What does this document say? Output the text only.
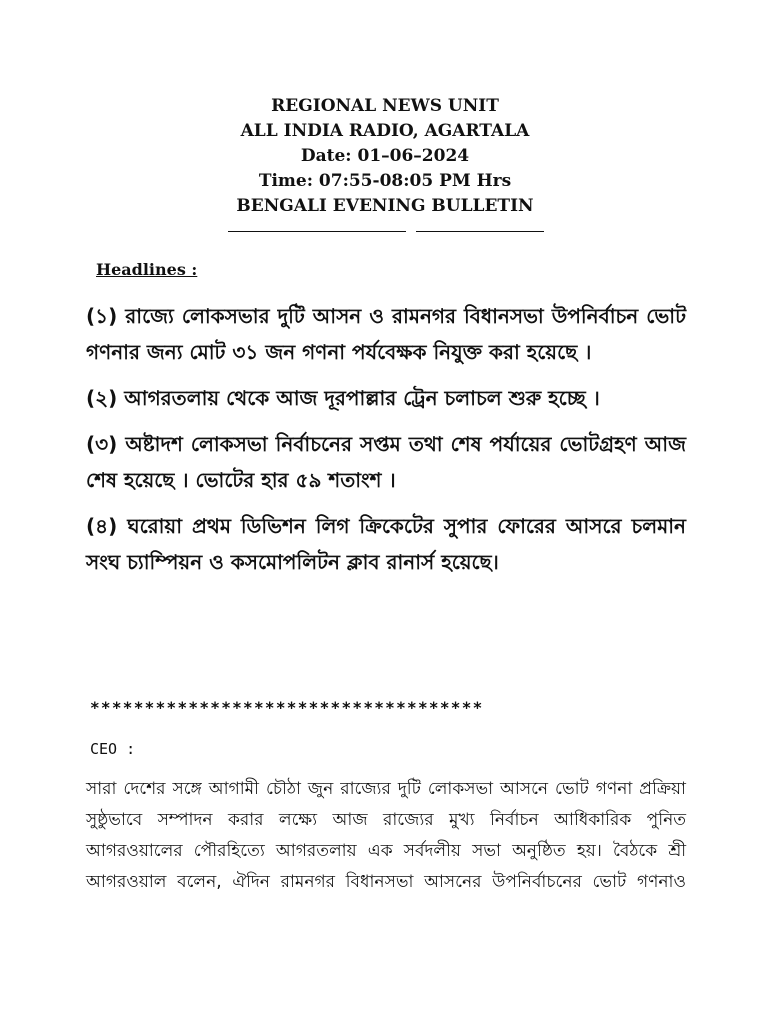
REGIONAL NEWS UNIT
ALL INDIA RADIO, AGARTALA
Date: 01–06–2024
Time: 07:55-08:05 PM Hrs
BENGALI EVENING BULLETIN
Headlines :
(১) রাজ্যে লোকসভার দুটি আসন ও রামনগর বিধানসভা উপনির্বাচন ভোট গণনার জন্য মোট ৩১ জন গণনা পর্যবেক্ষক নিযুক্ত করা হয়েছে ।
(২) আগরতলায় থেকে আজ দূরপাল্লার ট্রেন চলাচল শুরু হচ্ছে ।
(৩) অষ্টাদশ লোকসভা নির্বাচনের সপ্তম তথা শেষ পর্যায়ের ভোটগ্রহণ আজ শেষ হয়েছে । ভোটের হার ৫৯ শতাংশ ।
(৪) ঘরোয়া প্রথম ডিভিশন লিগ ক্রিকেটের সুপার ফোরের আসরে চলমান সংঘ চ্যাম্পিয়ন ও কসমোপলিটন ক্লাব রানার্স হয়েছে।
************************************
CEO :
সারা দেশের সঙ্গে আগামী চৌঠা জুন রাজ্যের দুটি লোকসভা আসনে ভোট গণনা প্রক্রিয়া সুষ্ঠুভাবে সম্পাদন করার লক্ষ্যে আজ রাজ্যের মুখ্য নির্বাচন আধিকারিক পুনিত আগরওয়ালের পৌরহিত্যে আগরতলায় এক সর্বদলীয় সভা অনুষ্ঠিত হয়। বৈঠকে শ্রী আগরওয়াল বলেন, ঐদিন রামনগর বিধানসভা আসনের উপনির্বাচনের ভোট গণনাও
